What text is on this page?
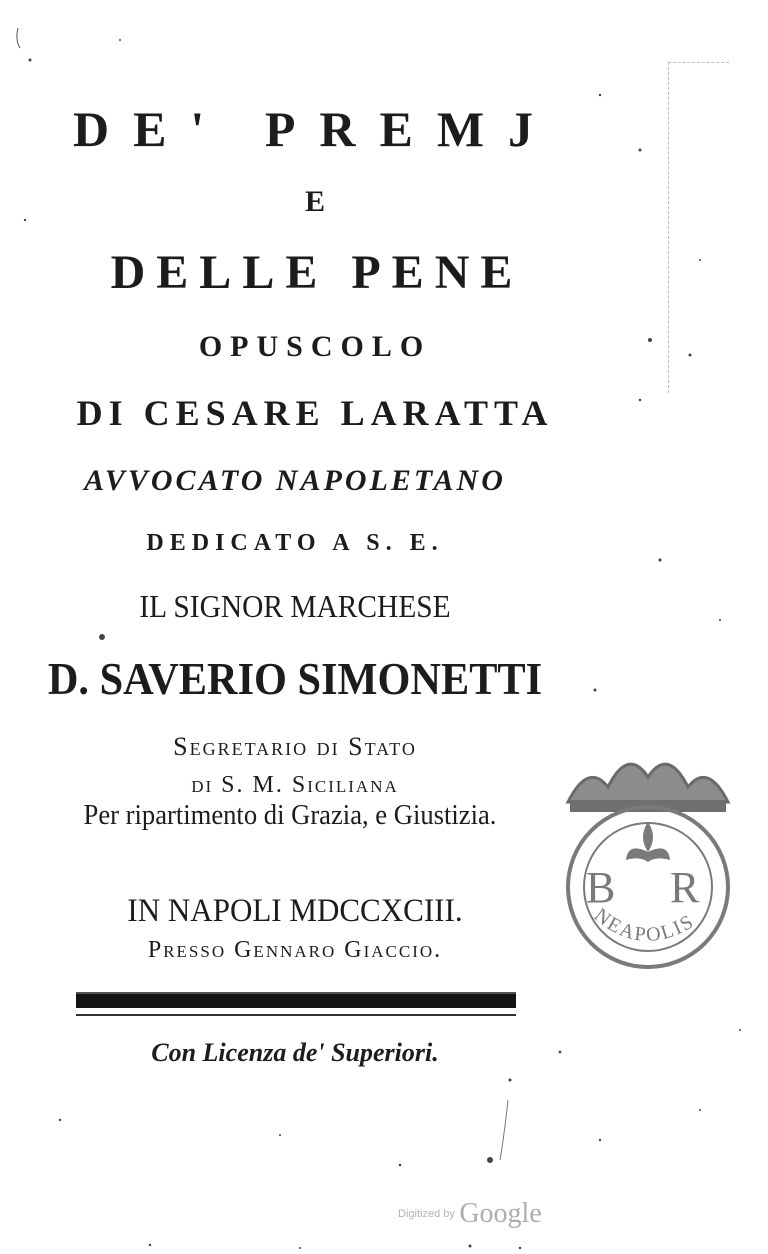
DE' PREMJ
E
DELLE PENE
OPUSCOLO
DI CESARE LARATTA
AVVOCATO NAPOLETANO
DEDICATO A S. E.
IL SIGNOR MARCHESE
D. SAVERIO SIMONETTI
Segretario di Stato
di S. M. Siciliana
Per ripartimento di Grazia, e Giustizia.
IN NAPOLI MDCCXCIII.
Presso Gennaro Giaccio.
Con Licenza de' Superiori.
B R
NEAPOLIS
Digitized by Google
